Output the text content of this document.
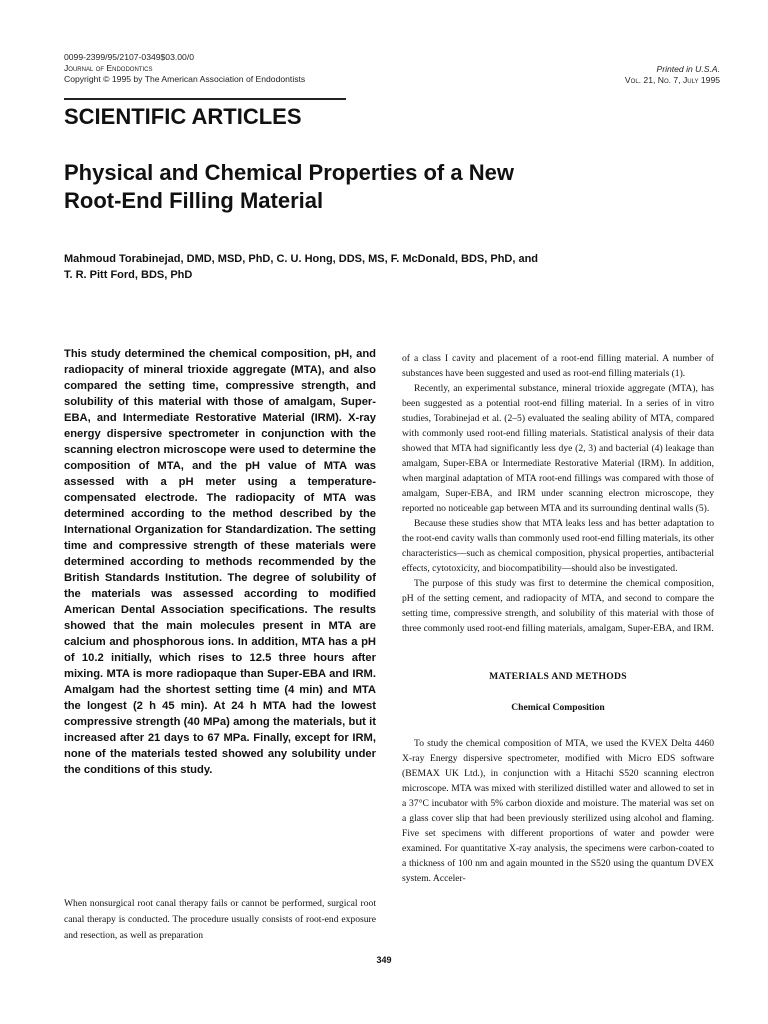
0099-2399/95/2107-0349$03.00/0
Journal of Endodontics
Copyright © 1995 by The American Association of Endodontists
Printed in U.S.A.
Vol. 21, No. 7, July 1995
SCIENTIFIC ARTICLES
Physical and Chemical Properties of a New
Root-End Filling Material
Mahmoud Torabinejad, DMD, MSD, PhD, C. U. Hong, DDS, MS, F. McDonald, BDS, PhD, and
T. R. Pitt Ford, BDS, PhD
This study determined the chemical composition, pH, and radiopacity of mineral trioxide aggregate (MTA), and also compared the setting time, compressive strength, and solubility of this material with those of amalgam, Super-EBA, and Intermediate Restorative Material (IRM). X-ray energy dispersive spectrometer in conjunction with the scanning electron microscope were used to determine the composition of MTA, and the pH value of MTA was assessed with a pH meter using a temperature-compensated electrode. The radiopacity of MTA was determined according to the method described by the International Organization for Standardization. The setting time and compressive strength of these materials were determined according to methods recommended by the British Standards Institution. The degree of solubility of the materials was assessed according to modified American Dental Association specifications. The results showed that the main molecules present in MTA are calcium and phosphorous ions. In addition, MTA has a pH of 10.2 initially, which rises to 12.5 three hours after mixing. MTA is more radiopaque than Super-EBA and IRM. Amalgam had the shortest setting time (4 min) and MTA the longest (2 h 45 min). At 24 h MTA had the lowest compressive strength (40 MPa) among the materials, but it increased after 21 days to 67 MPa. Finally, except for IRM, none of the materials tested showed any solubility under the conditions of this study.
When nonsurgical root canal therapy fails or cannot be performed, surgical root canal therapy is conducted. The procedure usually consists of root-end exposure and resection, as well as preparation

of a class I cavity and placement of a root-end filling material. A number of substances have been suggested and used as root-end filling materials (1).

Recently, an experimental substance, mineral trioxide aggregate (MTA), has been suggested as a potential root-end filling material. In a series of in vitro studies, Torabinejad et al. (2–5) evaluated the sealing ability of MTA, compared with commonly used root-end filling materials. Statistical analysis of their data showed that MTA had significantly less dye (2, 3) and bacterial (4) leakage than amalgam, Super-EBA or Intermediate Restorative Material (IRM). In addition, when marginal adaptation of MTA root-end fillings was compared with those of amalgam, Super-EBA, and IRM under scanning electron microscope, they reported no noticeable gap between MTA and its surrounding dentinal walls (5).

Because these studies show that MTA leaks less and has better adaptation to the root-end cavity walls than commonly used root-end filling materials, its other characteristics—such as chemical composition, physical properties, antibacterial effects, cytotoxicity, and biocompatibility—should also be investigated.

The purpose of this study was first to determine the chemical composition, pH of the setting cement, and radiopacity of MTA, and second to compare the setting time, compressive strength, and solubility of this material with those of three commonly used root-end filling materials, amalgam, Super-EBA, and IRM.

MATERIALS AND METHODS

Chemical Composition

To study the chemical composition of MTA, we used the KVEX Delta 4460 X-ray Energy dispersive spectrometer, modified with Micro EDS software (BEMAX UK Ltd.), in conjunction with a Hitachi S520 scanning electron microscope. MTA was mixed with sterilized distilled water and allowed to set in a 37°C incubator with 5% carbon dioxide and moisture. The material was set on a glass cover slip that had been previously sterilized using alcohol and flaming. Five set specimens with different proportions of water and powder were examined. For quantitative X-ray analysis, the specimens were carbon-coated to a thickness of 100 nm and again mounted in the S520 using the quantum DVEX system. Acceler-

349
